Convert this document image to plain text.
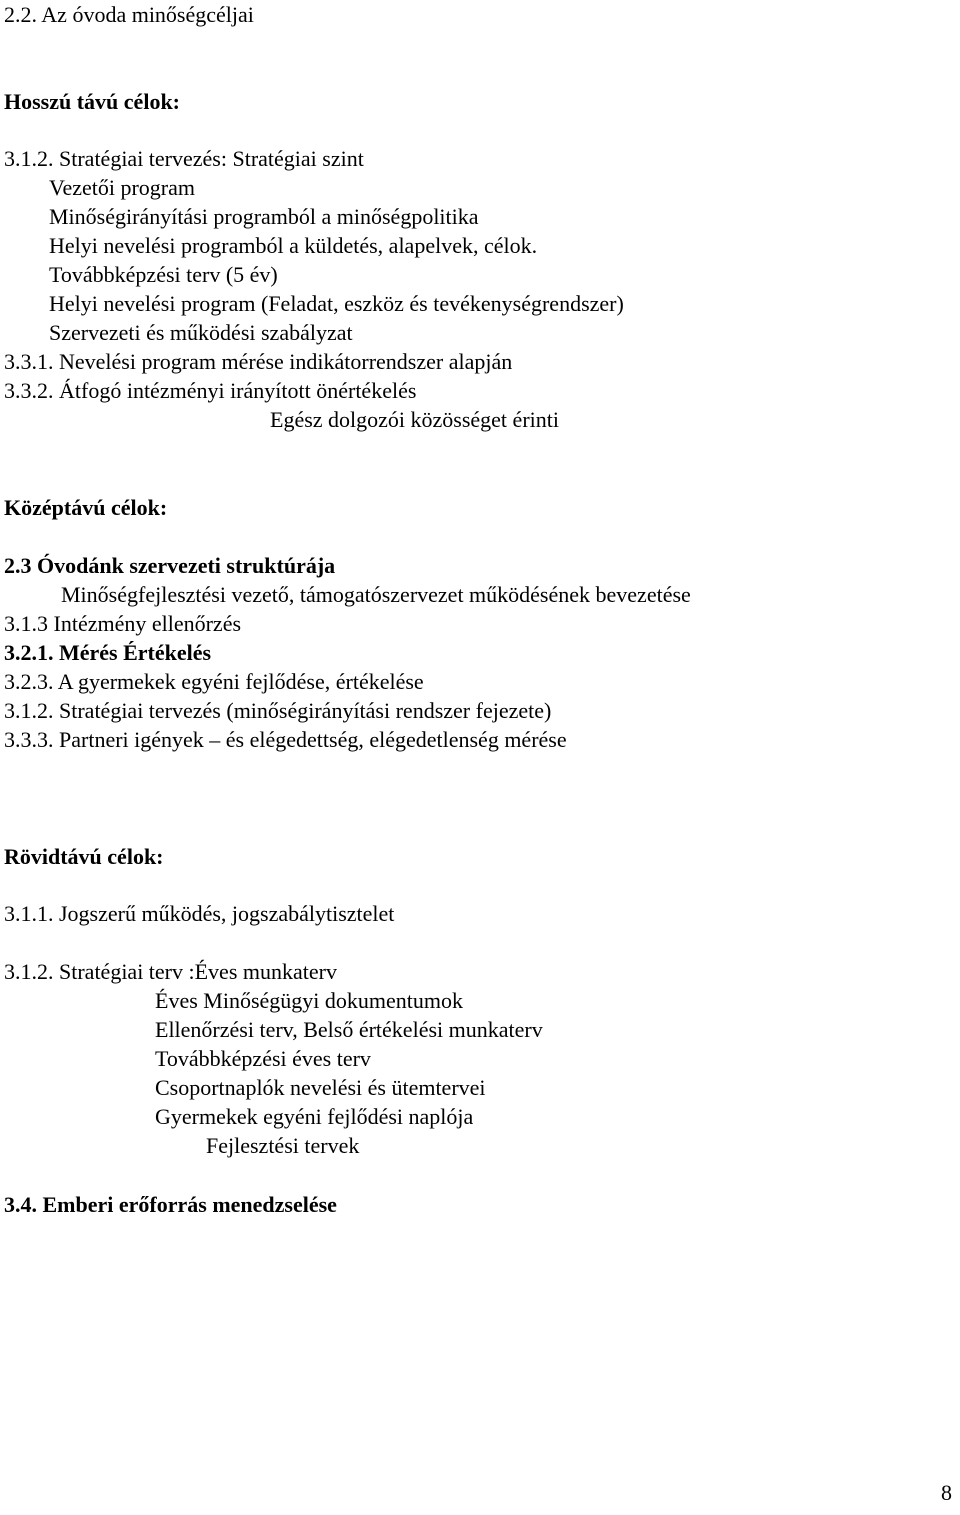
2.2. Az óvoda minőségcéljai
Hosszú távú célok:
3.1.2. Stratégiai tervezés: Stratégiai szint
Vezetői program
Minőségirányítási programból a minőségpolitika
Helyi nevelési programból a küldetés, alapelvek, célok.
Továbbképzési terv (5 év)
Helyi nevelési program (Feladat, eszköz és tevékenységrendszer)
Szervezeti és működési szabályzat
3.3.1. Nevelési program mérése indikátorrendszer alapján
3.3.2. Átfogó intézményi irányított önértékelés
Egész dolgozói közösséget érinti
Középtávú célok:
2.3 Óvodánk szervezeti struktúrája
Minőségfejlesztési vezető, támogatószervezet működésének bevezetése
3.1.3 Intézmény ellenőrzés
3.2.1. Mérés Értékelés
3.2.3. A gyermekek egyéni fejlődése, értékelése
3.1.2. Stratégiai tervezés (minőségirányítási rendszer fejezete)
3.3.3. Partneri igények – és elégedettség, elégedetlenség mérése
Rövidtávú célok:
3.1.1. Jogszerű működés, jogszabálytisztelet
3.1.2. Stratégiai terv :Éves munkaterv
Éves Minőségügyi dokumentumok
Ellenőrzési terv, Belső értékelési munkaterv
Továbbképzési éves terv
Csoportnaplók nevelési és ütemtervei
Gyermekek egyéni fejlődési naplója
Fejlesztési tervek
3.4. Emberi erőforrás menedzselése
8
